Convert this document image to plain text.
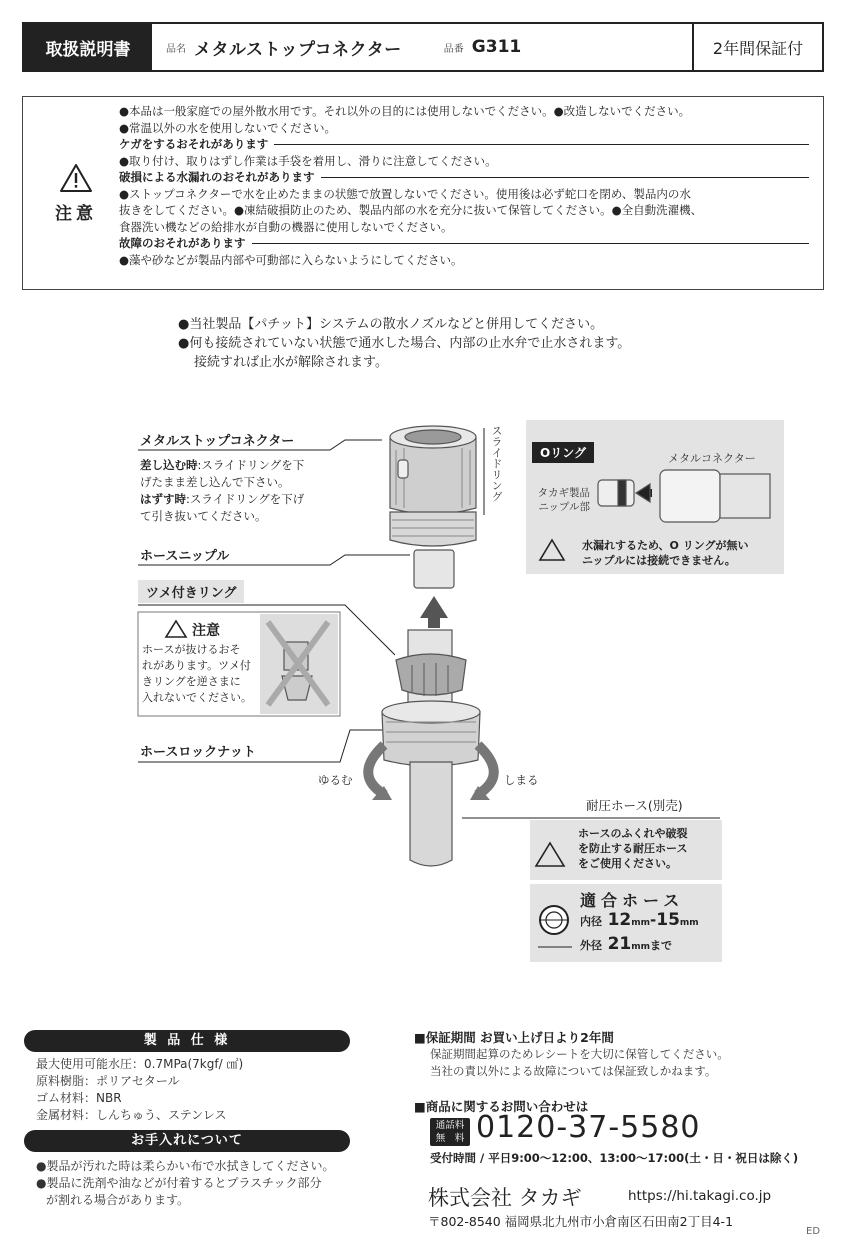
取扱説明書	品名 メタルストップコネクター	品番 G311	2年間保証付
注意
●本品は一般家庭での屋外散水用です。それ以外の目的には使用しないでください。●改造しないでください。
●常温以外の水を使用しないでください。
ケガをするおそれがあります
●取り付け、取りはずし作業は手袋を着用し、滑りに注意してください。
破損による水漏れのおそれがあります
●ストップコネクターで水を止めたままの状態で放置しないでください。使用後は必ず蛇口を閉め、製品内の水
抜きをしてください。●凍結破損防止のため、製品内部の水を充分に抜いて保管してください。●全自動洗濯機、
食器洗い機などの給排水が自動の機器に使用しないでください。
故障のおそれがあります
●藻や砂などが製品内部や可動部に入らないようにしてください。
●当社製品【パチット】システムの散水ノズルなどと併用してください。
●何も接続されていない状態で通水した場合、内部の止水弁で止水されます。
接続すれば止水が解除されます。
メタルストップコネクター
差し込む時:スライドリングを下
げたまま差し込んで下さい。
はずす時:スライドリングを下げ
て引き抜いてください。
スライドリング
ホースニップル
ツメ付きリング
注意
ホースが抜けるおそ
れがあります。ツメ付
きリングを逆さまに
入れないでください。
ホースロックナット
ゆるむ	しまる
耐圧ホース(別売)
ホースのふくれや破裂
を防止する耐圧ホース
をご使用ください。
適合ホース
内径 12mm-15mm
外径 21mmまで
Oリング	メタルコネクター
タカギ製品
ニップル部
水漏れするため、O リングが無い
ニップルには接続できません。
製 品 仕 様
最大使用可能水圧：0.7MPa(7kgf/ ㎠)
原料樹脂：ポリアセタール
ゴム材料：NBR
金属材料：しんちゅう、ステンレス
お手入れについて
●製品が汚れた時は柔らかい布で水拭きしてください。
●製品に洗剤や油などが付着するとプラスチック部分
が割れる場合があります。
■保証期間 お買い上げ日より2年間
保証期間起算のためレシートを大切に保管してください。
当社の責以外による故障については保証致しかねます。
■商品に関するお問い合わせは
通話料
無　料 0120-37-5580
受付時間 / 平日9:00～12:00、13:00～17:00(土・日・祝日は除く)
株式会社 タカギ	https://hi.takagi.co.jp
〒802-8540 福岡県北九州市小倉南区石田南2丁目4-1
ED
